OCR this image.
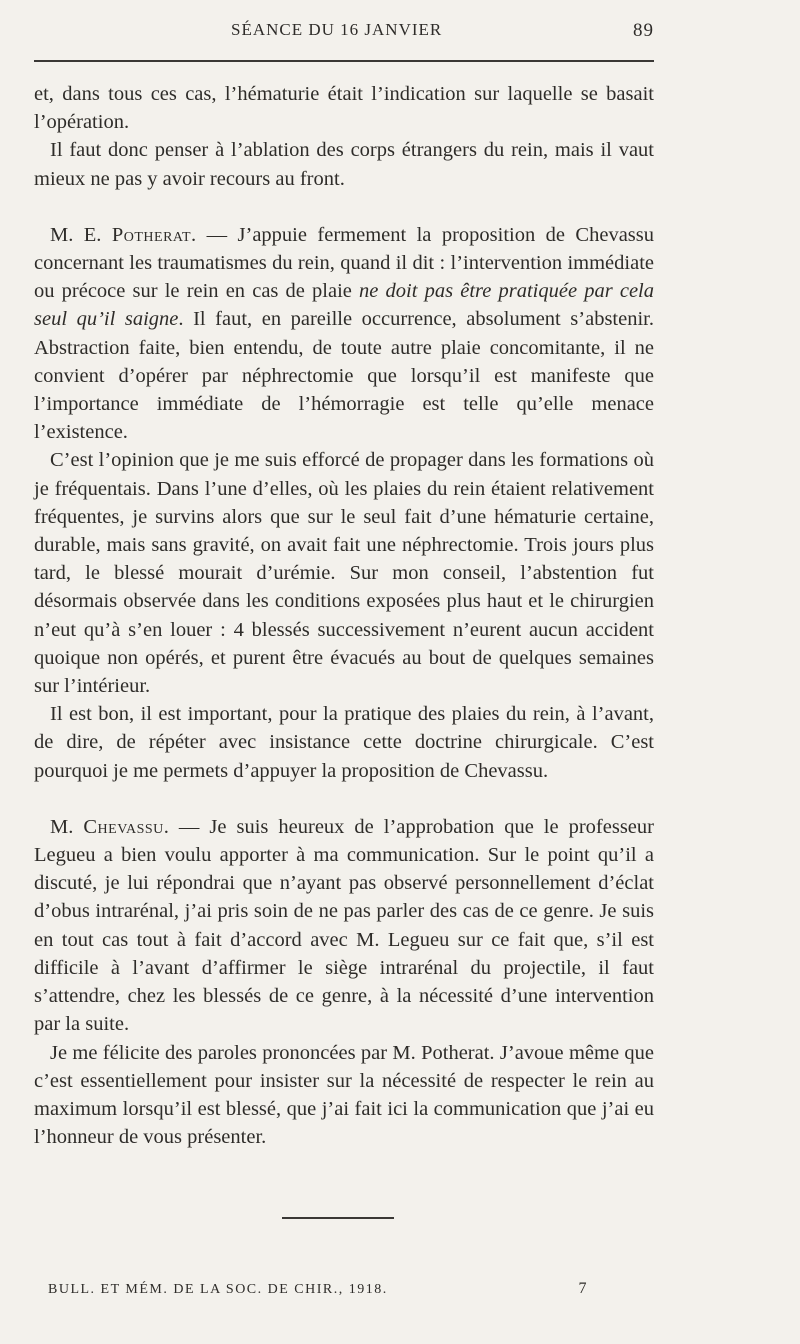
SÉANCE DU 16 JANVIER	89

et, dans tous ces cas, l’hématurie était l’indication sur laquelle se basait l’opération.

Il faut donc penser à l’ablation des corps étrangers du rein, mais il vaut mieux ne pas y avoir recours au front.

M. E. Potherat. — J’appuie fermement la proposition de Chevassu concernant les traumatismes du rein, quand il dit : l’intervention immédiate ou précoce sur le rein en cas de plaie ne doit pas être pratiquée par cela seul qu’il saigne. Il faut, en pareille occurrence, absolument s’abstenir. Abstraction faite, bien entendu, de toute autre plaie concomitante, il ne convient d’opérer par néphrectomie que lorsqu’il est manifeste que l’importance immédiate de l’hémorragie est telle qu’elle menace l’existence.

C’est l’opinion que je me suis efforcé de propager dans les formations où je fréquentais. Dans l’une d’elles, où les plaies du rein étaient relativement fréquentes, je survins alors que sur le seul fait d’une hématurie certaine, durable, mais sans gravité, on avait fait une néphrectomie. Trois jours plus tard, le blessé mourait d’urémie. Sur mon conseil, l’abstention fut désormais observée dans les conditions exposées plus haut et le chirurgien n’eut qu’à s’en louer : 4 blessés successivement n’eurent aucun accident quoique non opérés, et purent être évacués au bout de quelques semaines sur l’intérieur.

Il est bon, il est important, pour la pratique des plaies du rein, à l’avant, de dire, de répéter avec insistance cette doctrine chirurgicale. C’est pourquoi je me permets d’appuyer la proposition de Chevassu.

M. Chevassu. — Je suis heureux de l’approbation que le professeur Legueu a bien voulu apporter à ma communication. Sur le point qu’il a discuté, je lui répondrai que n’ayant pas observé personnellement d’éclat d’obus intrarénal, j’ai pris soin de ne pas parler des cas de ce genre. Je suis en tout cas tout à fait d’accord avec M. Legueu sur ce fait que, s’il est difficile à l’avant d’affirmer le siège intrarénal du projectile, il faut s’attendre, chez les blessés de ce genre, à la nécessité d’une intervention par la suite.

Je me félicite des paroles prononcées par M. Potherat. J’avoue même que c’est essentiellement pour insister sur la nécessité de respecter le rein au maximum lorsqu’il est blessé, que j’ai fait ici la communication que j’ai eu l’honneur de vous présenter.

BULL. ET MÉM. DE LA SOC. DE CHIR., 1918.	7
